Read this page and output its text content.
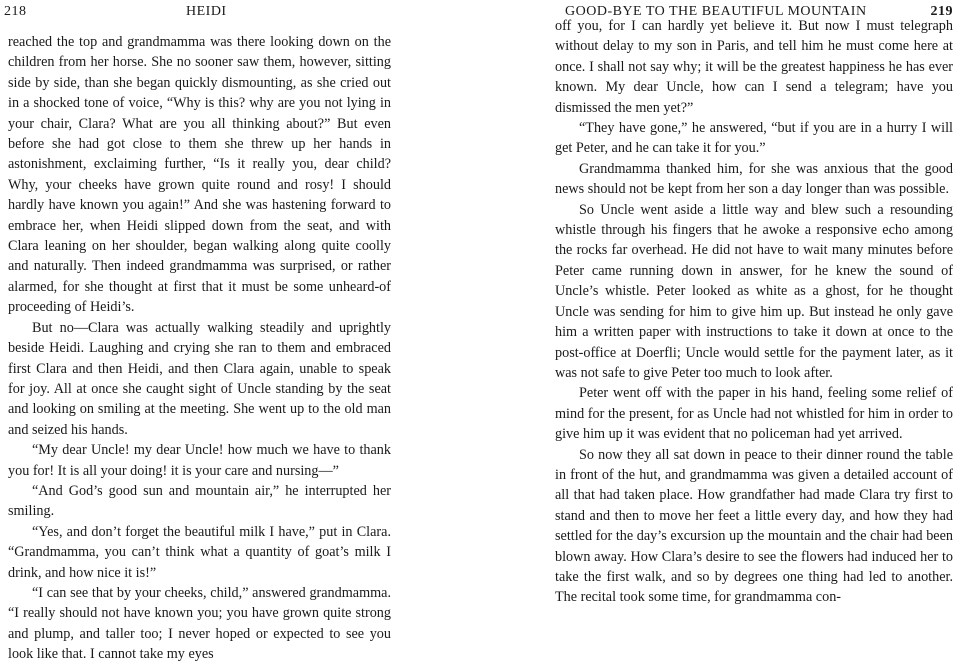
218	HEIDI

reached the top and grandmamma was there looking down on the children from her horse. She no sooner saw them, however, sitting side by side, than she began quickly dismounting, as she cried out in a shocked tone of voice, “Why is this? why are you not lying in your chair, Clara? What are you all thinking about?” But even before she had got close to them she threw up her hands in astonishment, exclaiming further, “Is it really you, dear child? Why, your cheeks have grown quite round and rosy! I should hardly have known you again!” And she was hastening forward to embrace her, when Heidi slipped down from the seat, and with Clara leaning on her shoulder, began walking along quite coolly and naturally. Then indeed grandmamma was surprised, or rather alarmed, for she thought at first that it must be some unheard-of proceeding of Heidi’s.

But no—Clara was actually walking steadily and uprightly beside Heidi. Laughing and crying she ran to them and embraced first Clara and then Heidi, and then Clara again, unable to speak for joy. All at once she caught sight of Uncle standing by the seat and looking on smiling at the meeting. She went up to the old man and seized his hands.

“My dear Uncle! my dear Uncle! how much we have to thank you for! It is all your doing! it is your care and nursing—”

“And God’s good sun and mountain air,” he interrupted her smiling.

“Yes, and don’t forget the beautiful milk I have,” put in Clara. “Grandmamma, you can’t think what a quantity of goat’s milk I drink, and how nice it is!”

“I can see that by your cheeks, child,” answered grandmamma. “I really should not have known you; you have grown quite strong and plump, and taller too; I never hoped or expected to see you look like that. I cannot take my eyes

GOOD-BYE TO THE BEAUTIFUL MOUNTAIN	219

off you, for I can hardly yet believe it. But now I must telegraph without delay to my son in Paris, and tell him he must come here at once. I shall not say why; it will be the greatest happiness he has ever known. My dear Uncle, how can I send a telegram; have you dismissed the men yet?”

“They have gone,” he answered, “but if you are in a hurry I will get Peter, and he can take it for you.”

Grandmamma thanked him, for she was anxious that the good news should not be kept from her son a day longer than was possible.

So Uncle went aside a little way and blew such a resounding whistle through his fingers that he awoke a responsive echo among the rocks far overhead. He did not have to wait many minutes before Peter came running down in answer, for he knew the sound of Uncle’s whistle. Peter looked as white as a ghost, for he thought Uncle was sending for him to give him up. But instead he only gave him a written paper with instructions to take it down at once to the post-office at Doerfli; Uncle would settle for the payment later, as it was not safe to give Peter too much to look after.

Peter went off with the paper in his hand, feeling some relief of mind for the present, for as Uncle had not whistled for him in order to give him up it was evident that no policeman had yet arrived.

So now they all sat down in peace to their dinner round the table in front of the hut, and grandmamma was given a detailed account of all that had taken place. How grandfather had made Clara try first to stand and then to move her feet a little every day, and how they had settled for the day’s excursion up the mountain and the chair had been blown away. How Clara’s desire to see the flowers had induced her to take the first walk, and so by degrees one thing had led to another. The recital took some time, for grandmamma con-
